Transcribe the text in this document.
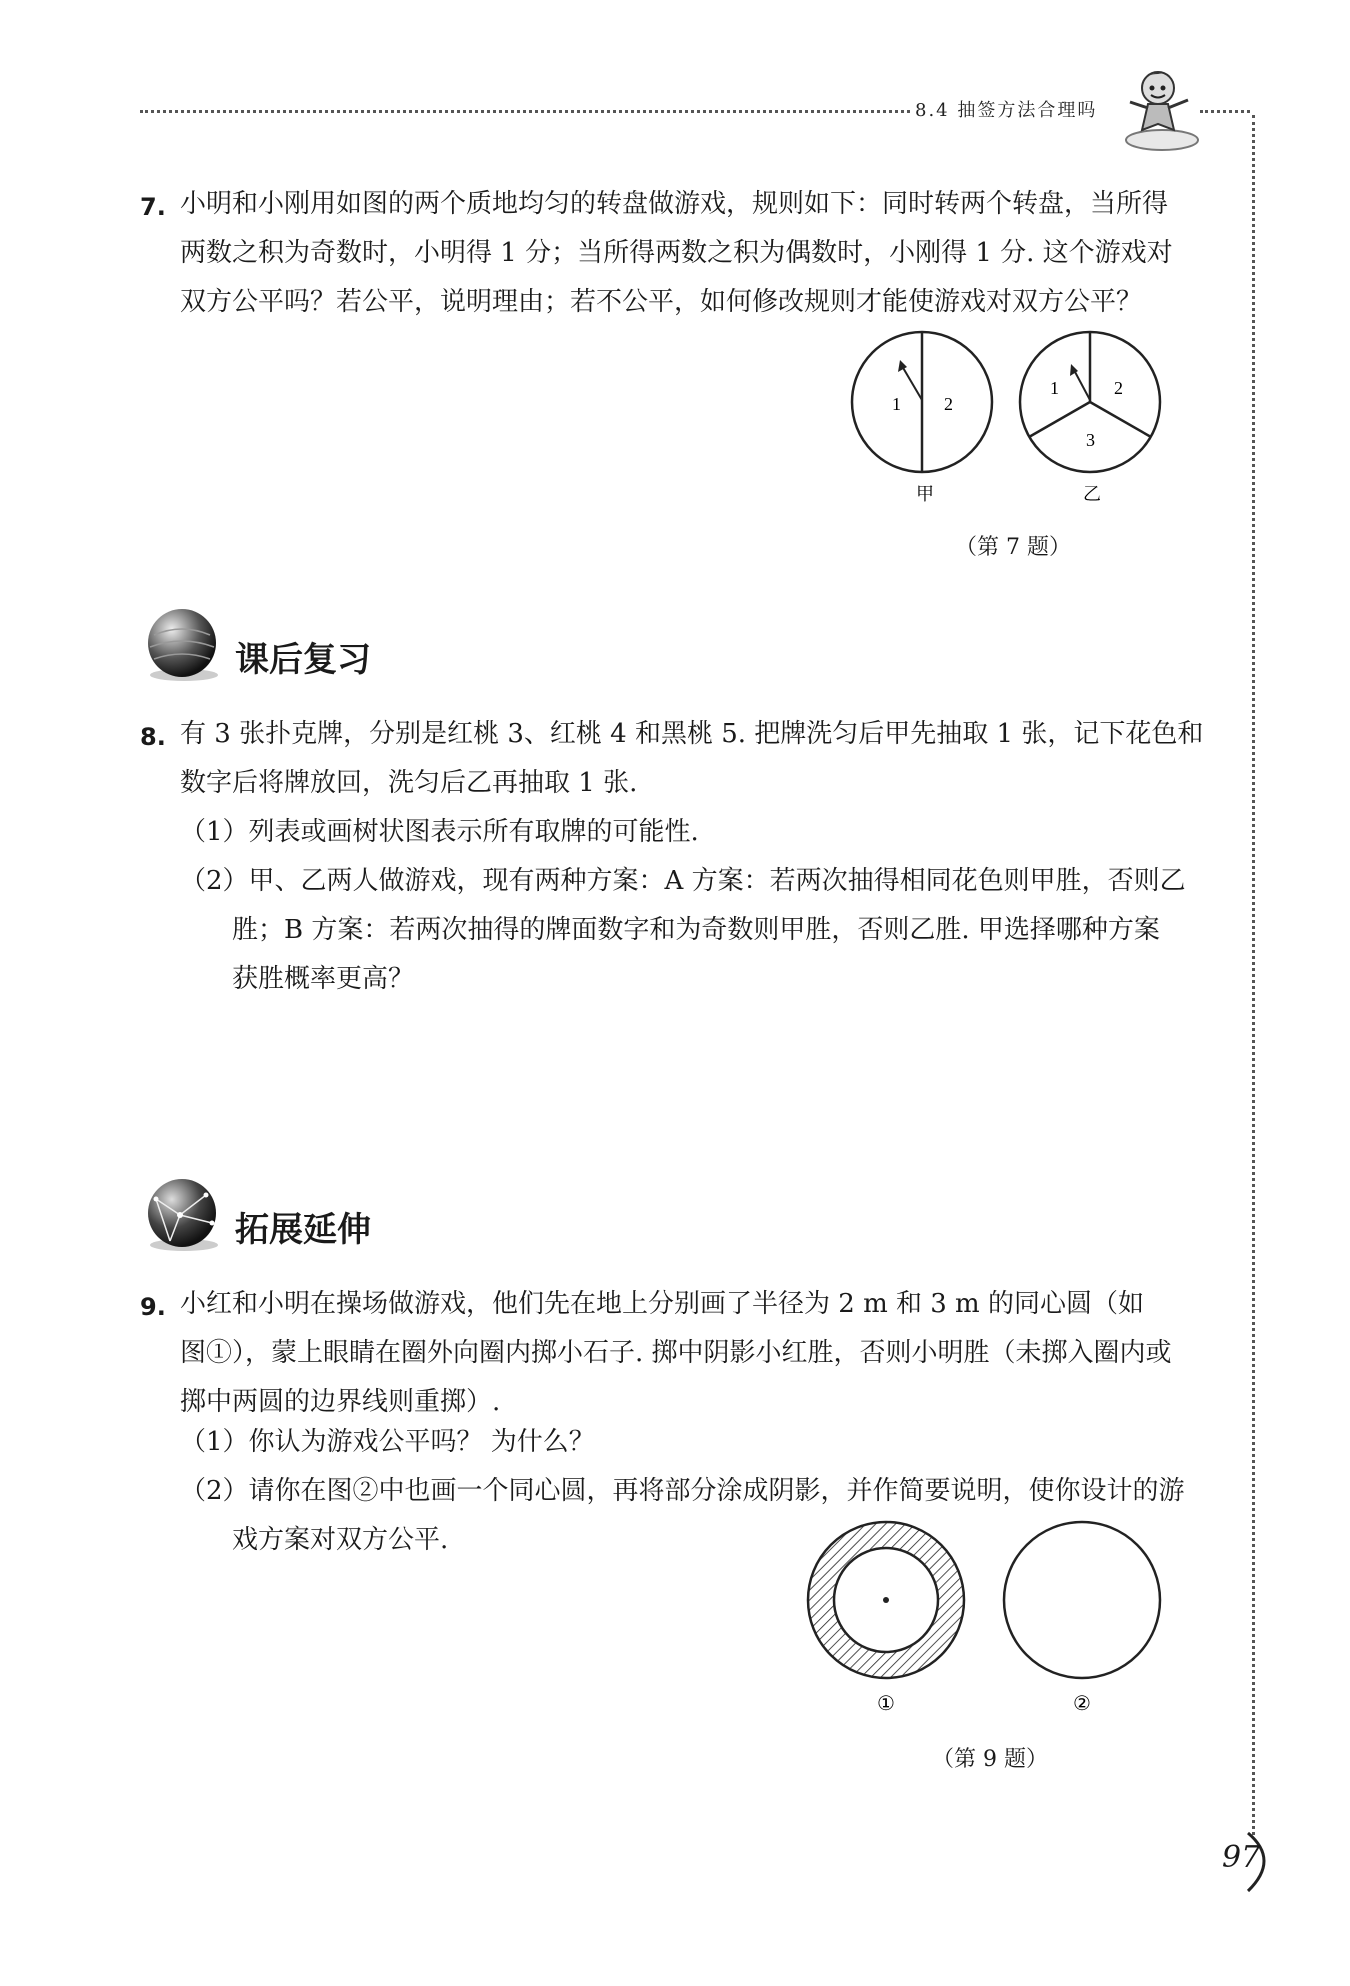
8.4 抽签方法合理吗
7. 小明和小刚用如图的两个质地均匀的转盘做游戏，规则如下：同时转两个转盘，当所得
两数之积为奇数时，小明得 1 分；当所得两数之积为偶数时，小刚得 1 分. 这个游戏对
双方公平吗？若公平，说明理由；若不公平，如何修改规则才能使游戏对双方公平？
1 2
甲
1	2
3
乙
（第 7 题）
课后复习
8. 有 3 张扑克牌，分别是红桃 3、红桃 4 和黑桃 5. 把牌洗匀后甲先抽取 1 张，记下花色和
数字后将牌放回，洗匀后乙再抽取 1 张.
（1）列表或画树状图表示所有取牌的可能性.
（2）甲、乙两人做游戏，现有两种方案：A 方案：若两次抽得相同花色则甲胜，否则乙
胜；B 方案：若两次抽得的牌面数字和为奇数则甲胜，否则乙胜. 甲选择哪种方案
获胜概率更高？
拓展延伸
9. 小红和小明在操场做游戏，他们先在地上分别画了半径为 2 m 和 3 m 的同心圆（如
图①），蒙上眼睛在圈外向圈内掷小石子. 掷中阴影小红胜，否则小明胜（未掷入圈内或
掷中两圆的边界线则重掷）.
（1）你认为游戏公平吗？ 为什么？
（2）请你在图②中也画一个同心圆，再将部分涂成阴影，并作简要说明，使你设计的游
戏方案对双方公平.
①	②
（第 9 题）
97
